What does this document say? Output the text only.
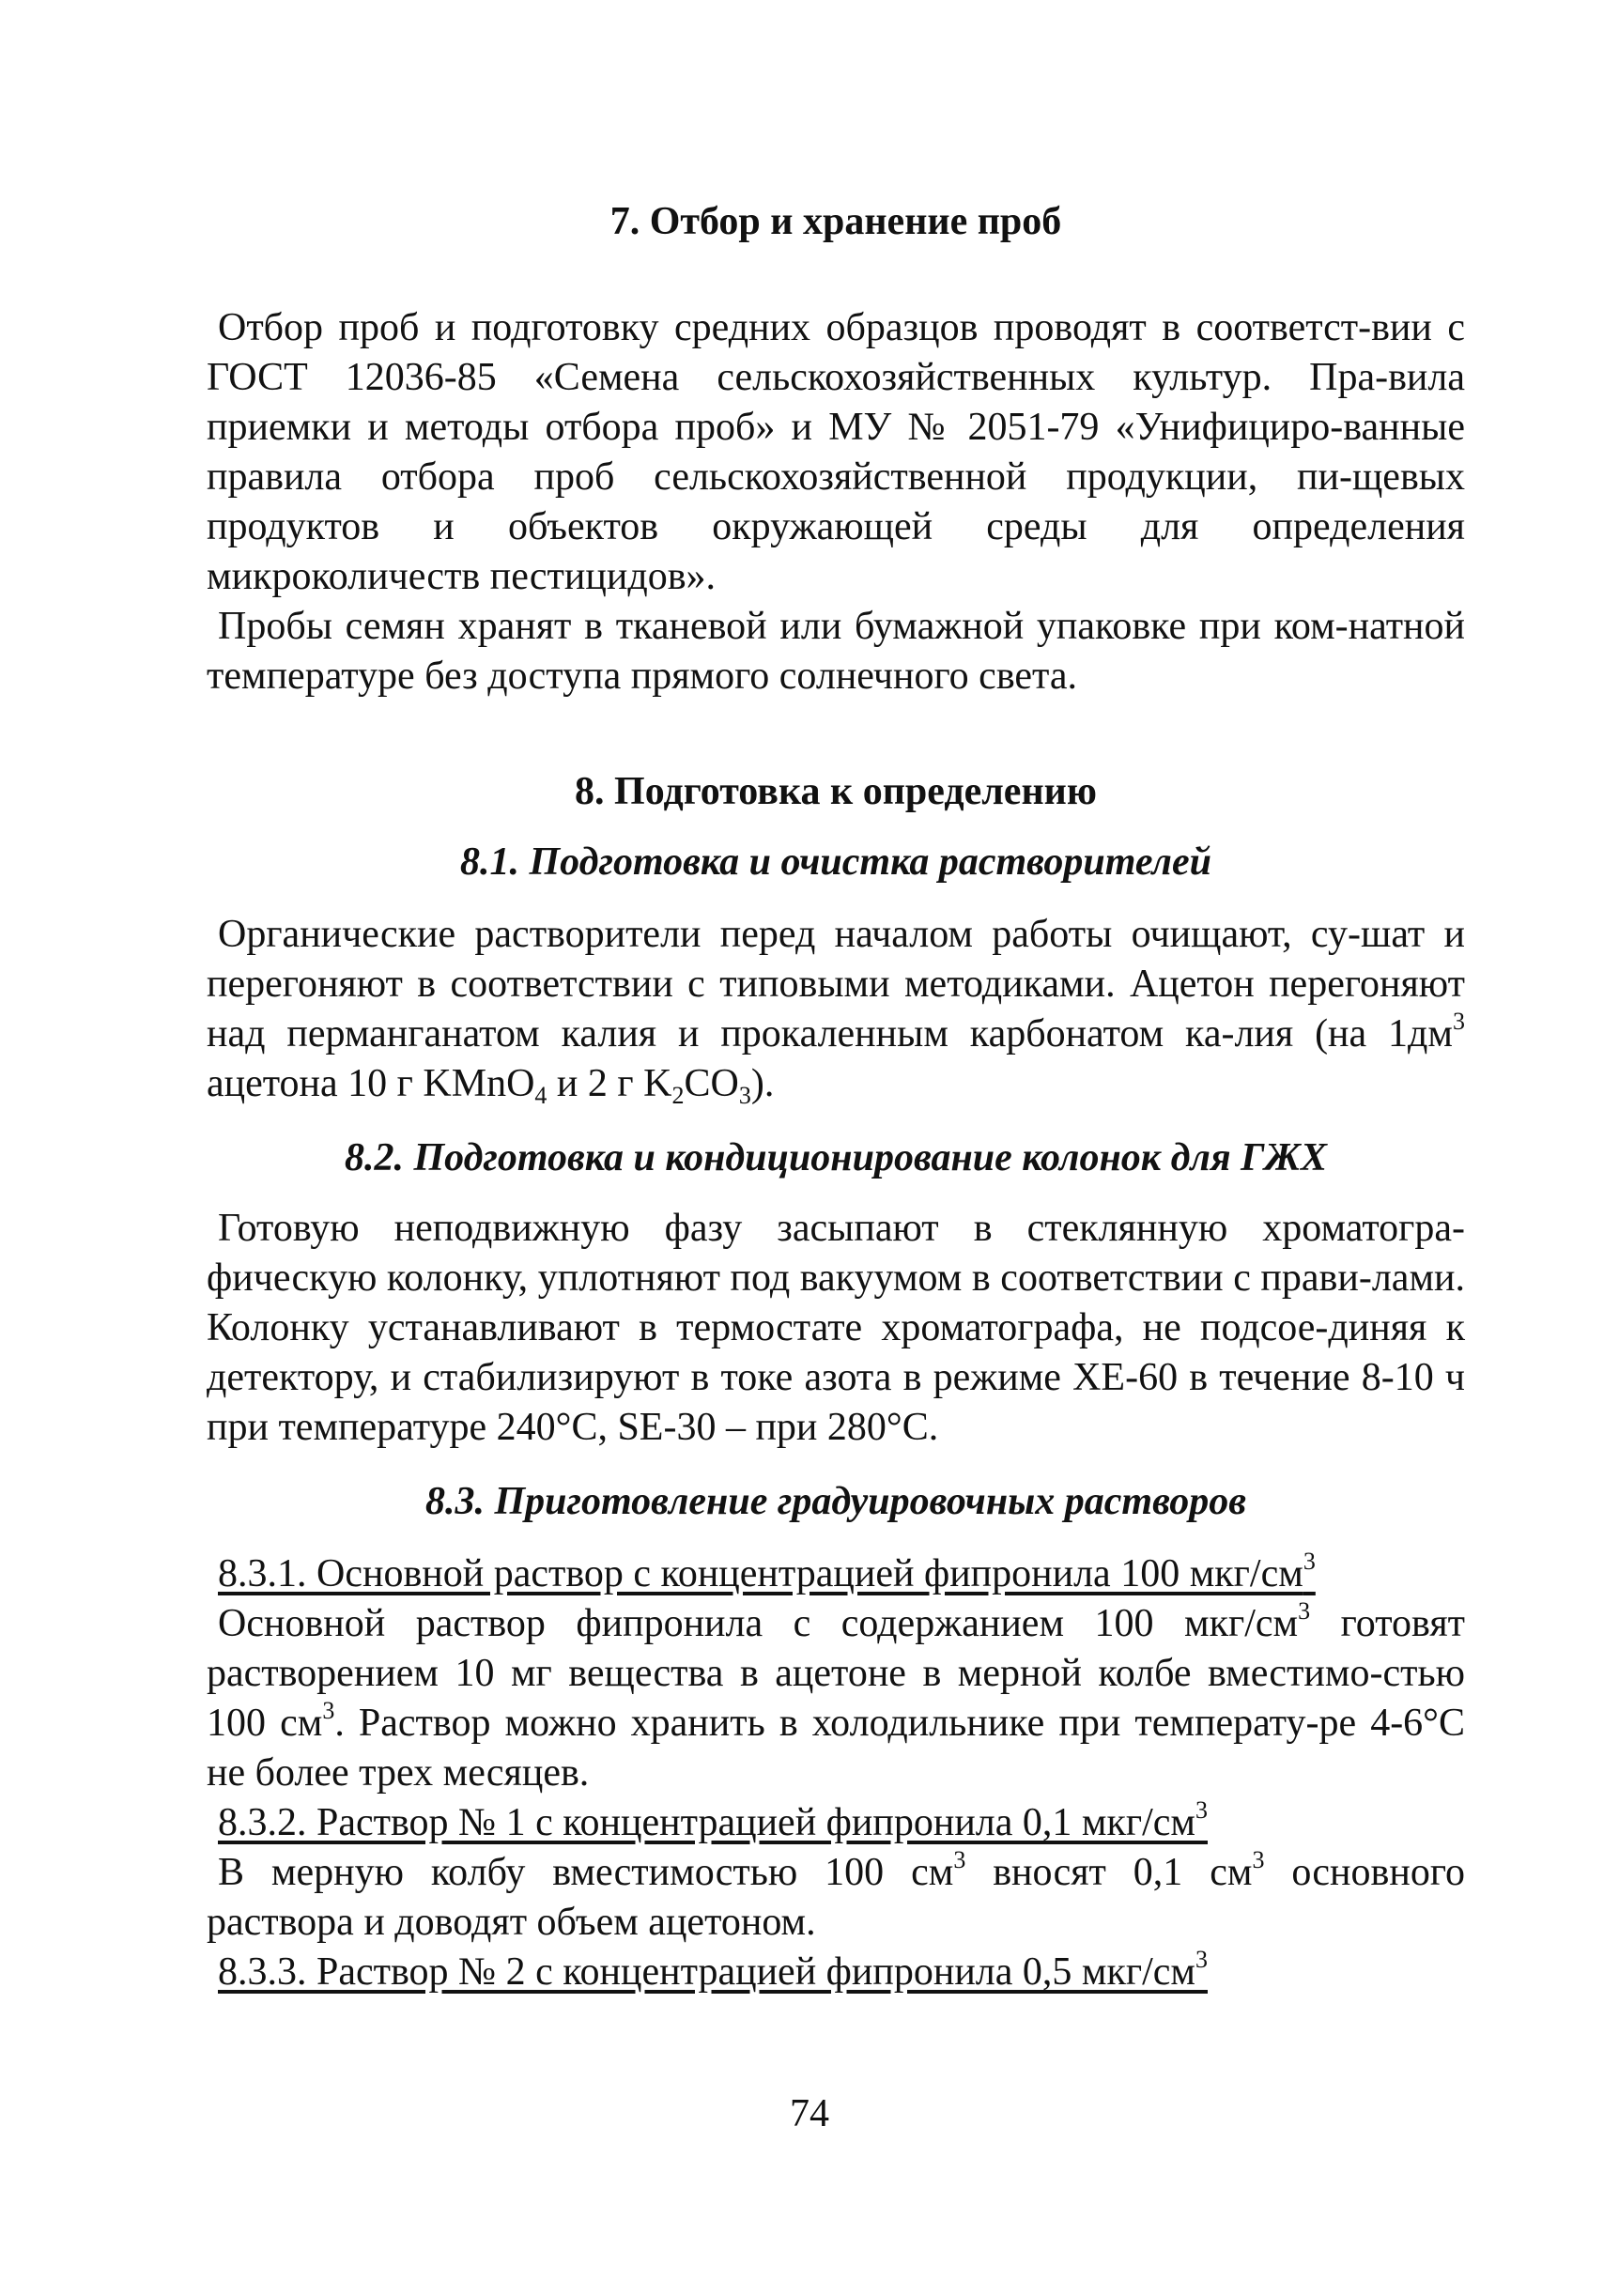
7. Отбор и хранение проб

Отбор проб и подготовку средних образцов проводят в соответст-вии с ГОСТ 12036-85 «Семена сельскохозяйственных культур. Пра-вила приемки и методы отбора проб» и МУ № 2051-79 «Унифициро-ванные правила отбора проб сельскохозяйственной продукции, пи-щевых продуктов и объектов окружающей среды для определения микроколичеств пестицидов».

Пробы семян хранят в тканевой или бумажной упаковке при ком-натной температуре без доступа прямого солнечного света.

8. Подготовка к определению
8.1. Подготовка и очистка растворителей

Органические растворители перед началом работы очищают, су-шат и перегоняют в соответствии с типовыми методиками. Ацетон перегоняют над перманганатом калия и прокаленным карбонатом ка-лия (на $1дм^3$ ацетона 10 г KMnO$_4$ и 2 г $K_2CO_3$).

8.2. Подготовка и кондиционирование колонок для ГЖХ

Готовую неподвижную фазу засыпают в стеклянную хроматогра-фическую колонку, уплотняют под вакуумом в соответствии с прави-лами. Колонку устанавливают в термостате хроматографа, не подсое-диняя к детектору, и стабилизируют в токе азота в режиме XE-60 в течение 8-10 ч при температуре 240°С, SE-30 – при 280°С.

8.3. Приготовление градуировочных растворов

8.3.1. Основной раствор с концентрацией фипронила 100 мкг/$см^3$

Основной раствор фипронила с содержанием 100 мкг/$см^3$ готовят растворением 10 мг вещества в ацетоне в мерной колбе вместимо-стью 100 $см^3$. Раствор можно хранить в холодильнике при температу-ре 4-6°С не более трех месяцев.

8.3.2. Раствор № 1 с концентрацией фипронила 0,1 мкг/$см^3$

В мерную колбу вместимостью 100 $см^3$ вносят 0,1 $см^3$ основного раствора и доводят объем ацетоном.

8.3.3. Раствор № 2 с концентрацией фипронила 0,5 мкг/$см^3$

74
